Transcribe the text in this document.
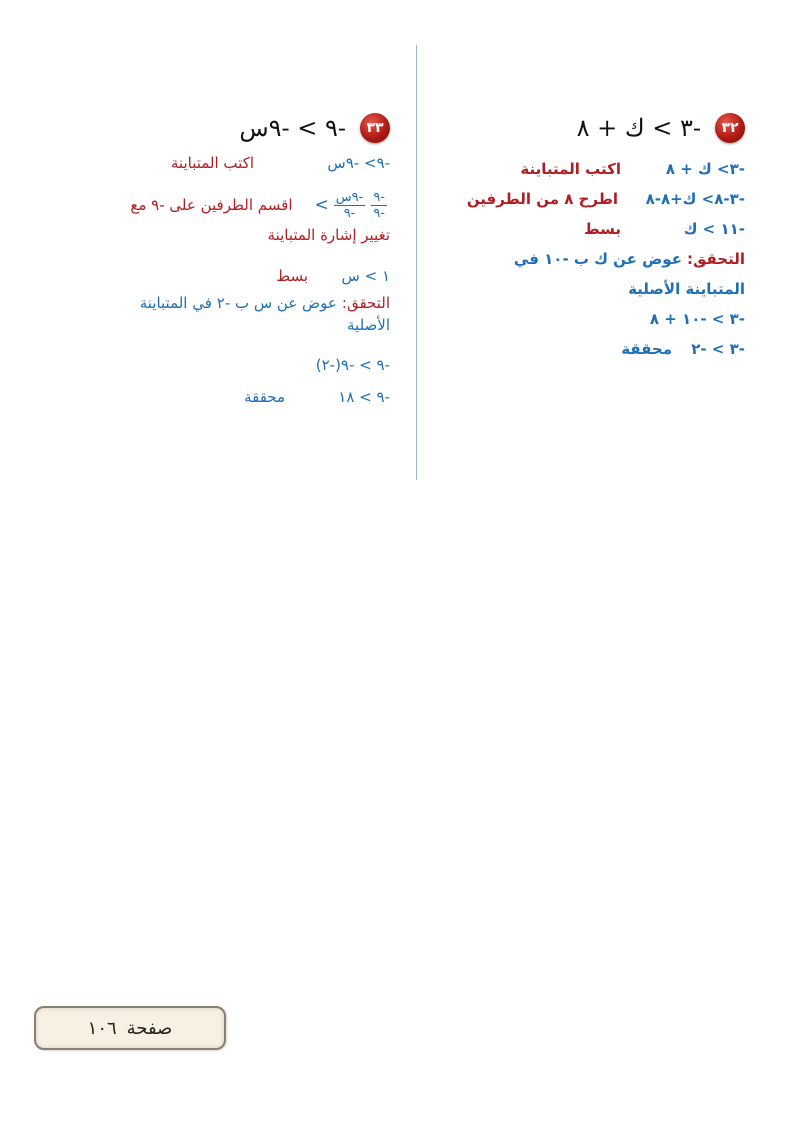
٣٢
-٣ > ك + ٨
-٣> ك + ٨
اكتب المتباينة
-٣-٨> ك+٨-٨
اطرح ٨ من الطرفين
-١١ > ك
بسط
التحقق:
عوض عن ك ب -١٠ في
المتباينة الأصلية
-٣ > -١٠ + ٨
-٣ > -٢
محققة
٣٣
-٩ > -٩س
-٩> -٩س
اكتب المتباينة
$\frac{-٩}{-٩}$
$\frac{\text{-٩س}}{-٩}$
>
اقسم الطرفين على -٩ مع
تغيير إشارة المتباينة
١ > س
بسط
التحقق:
عوض عن س ب -٢ في المتباينة
الأصلية
-٩ > -٩(-٢)
-٩ > ١٨
محققة
صفحة
١٠٦
